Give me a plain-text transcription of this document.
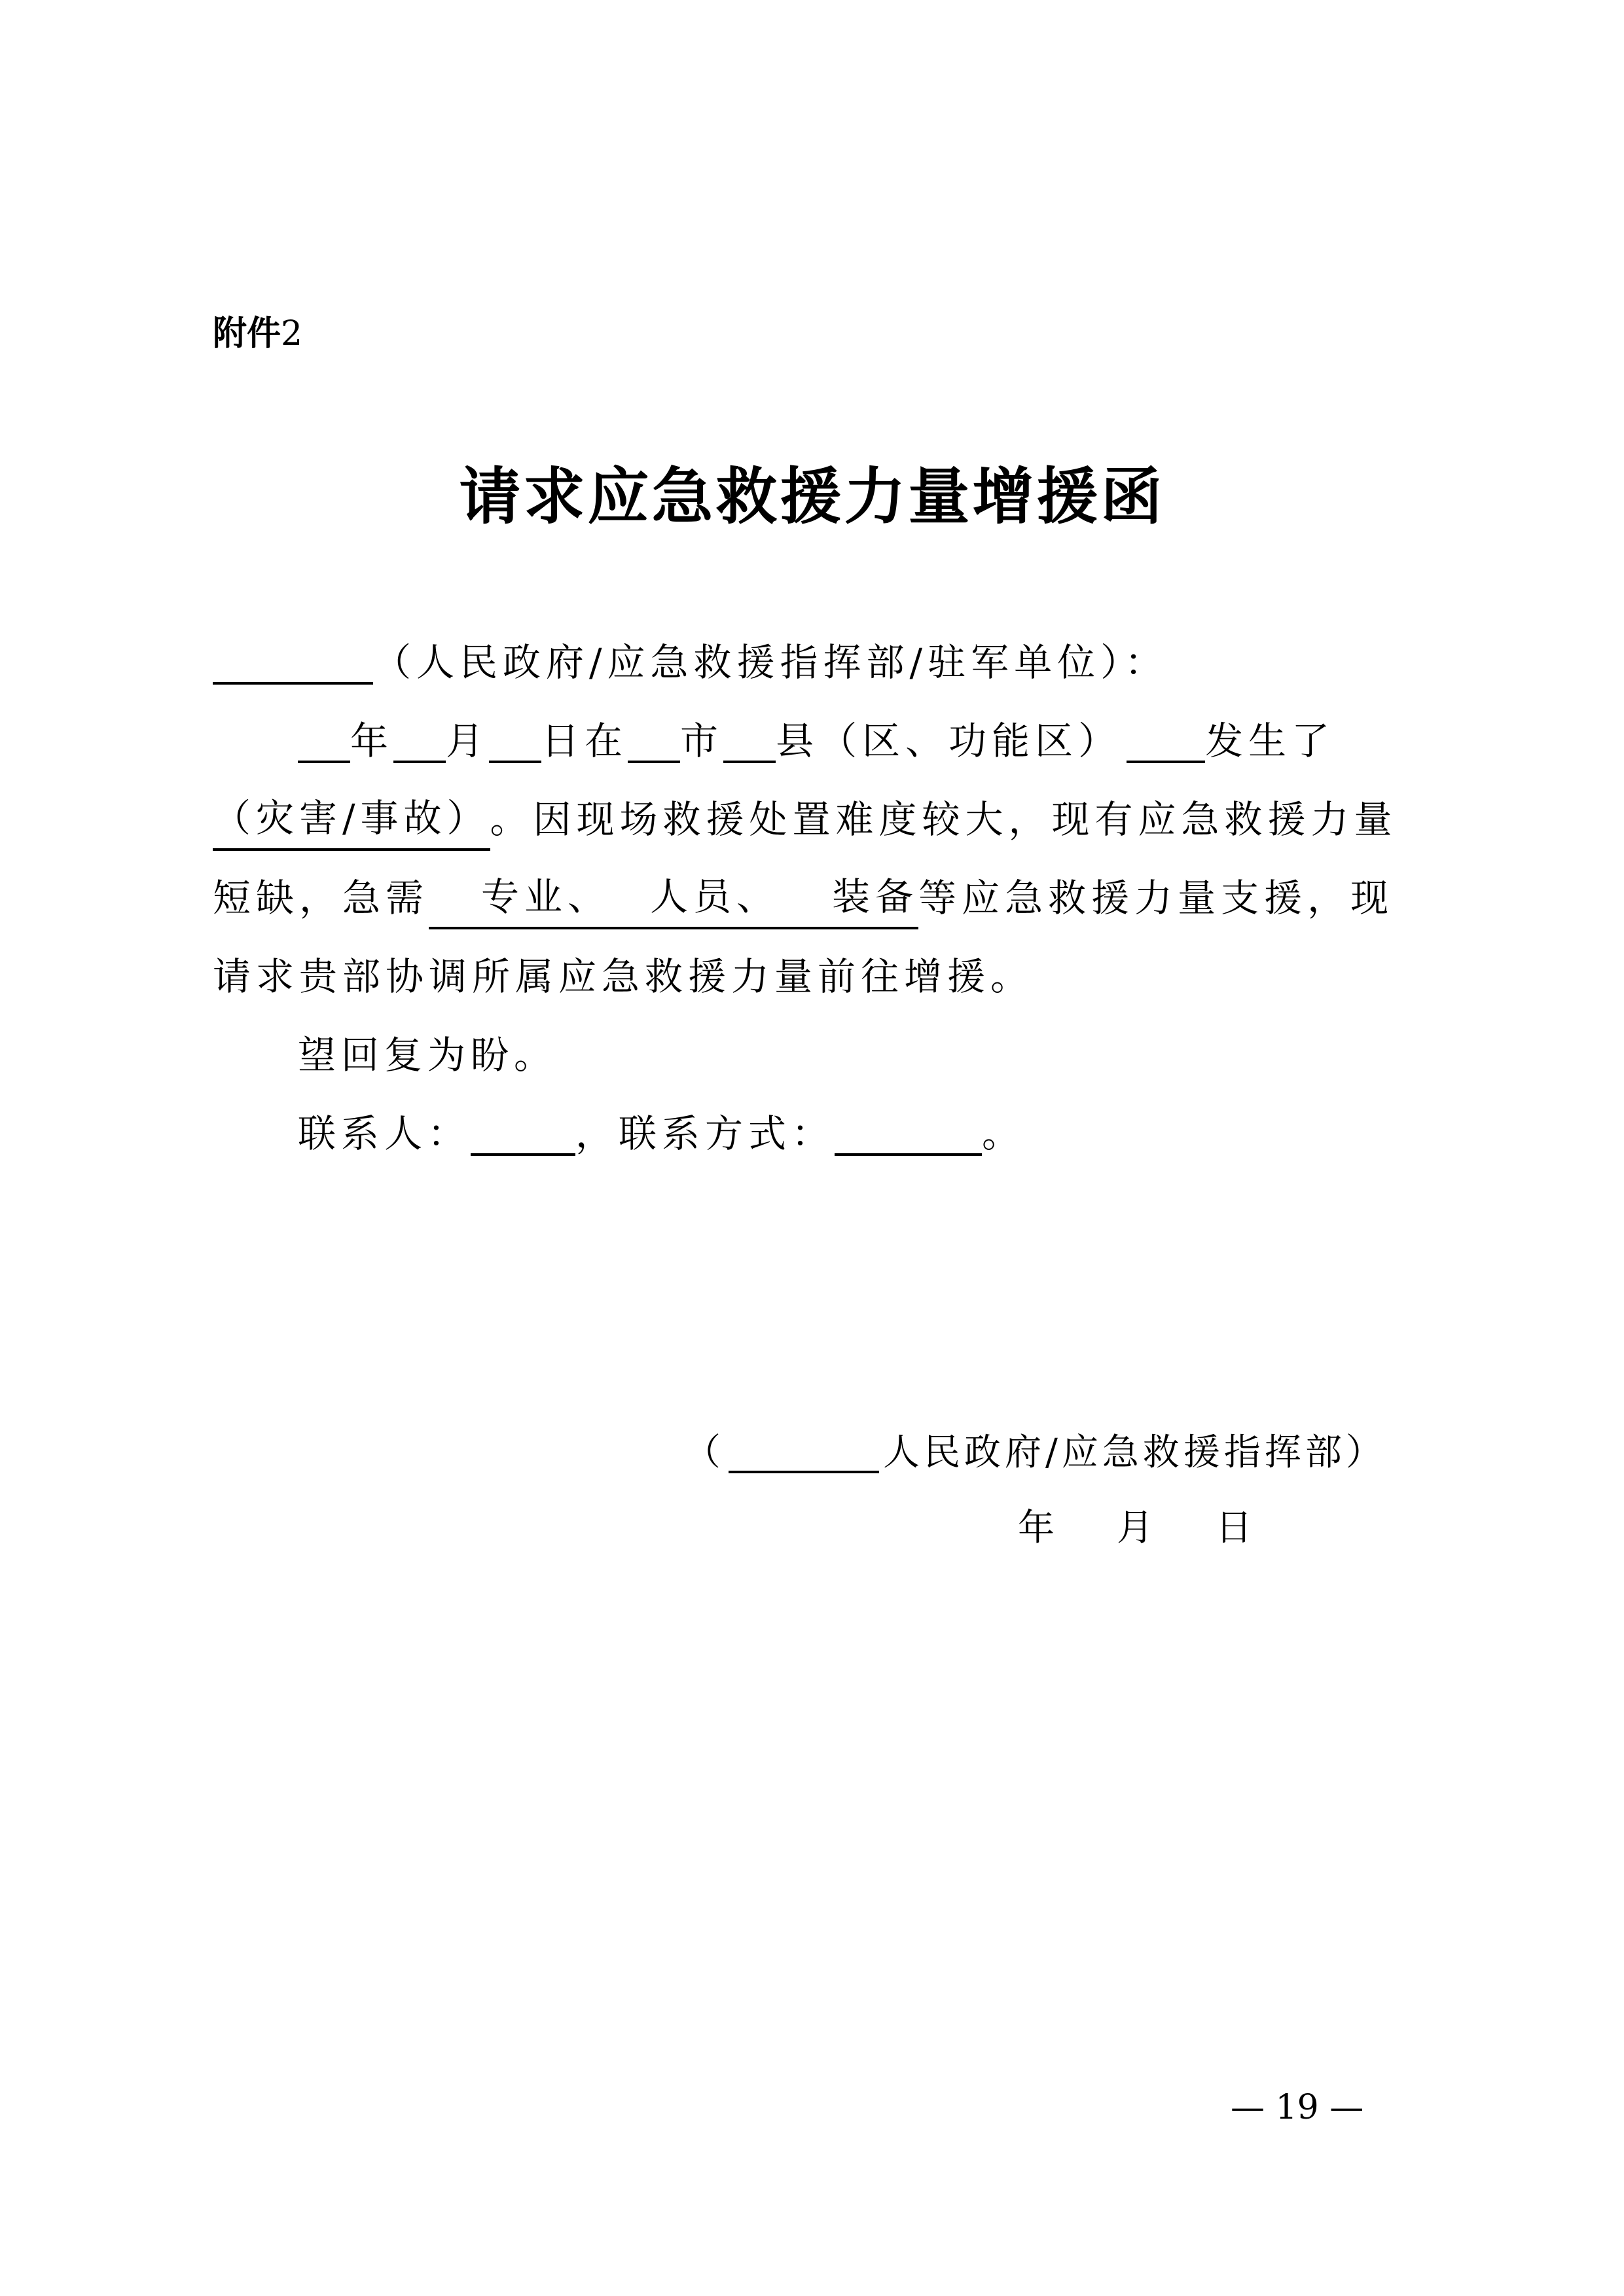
附件2
请求应急救援力量增援函
（人民政府/应急救援指挥部/驻军单位）：
年 月 日在 市 县（区、功能区） 发生了
（灾害/事故） 。因现场救援处置难度较大，现有应急救援力量
短缺，急需	专业、 人员、 装备 等应急救援力量支援，现
请求贵部协调所属应急救援力量前往增援。
望回复为盼。
联系人：	，联系方式：	。
（	人民政府/应急救援指挥部）
年 月 日
— 19 —
